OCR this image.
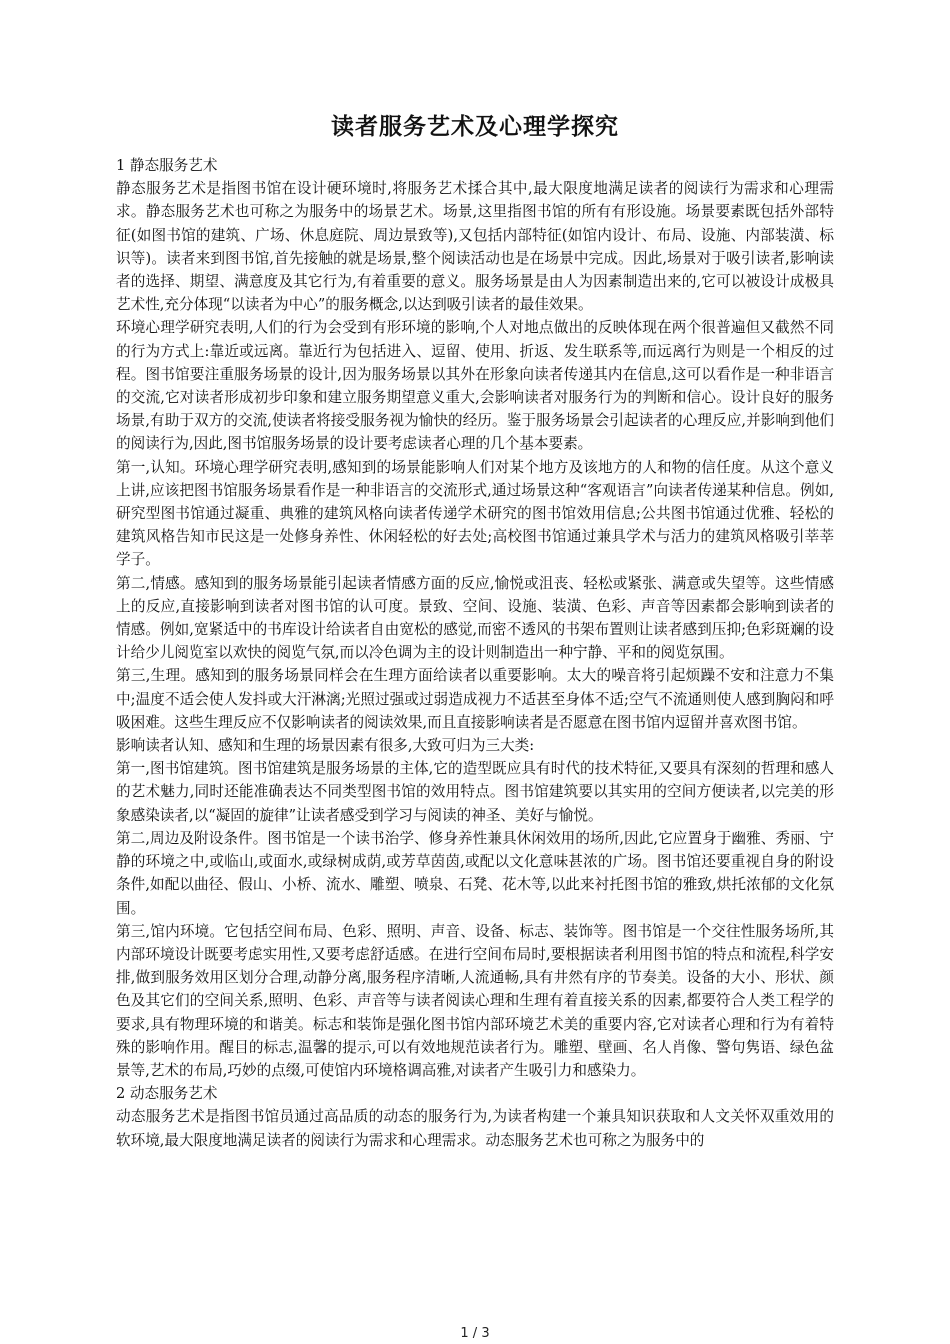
读者服务艺术及心理学探究

1 静态服务艺术

静态服务艺术是指图书馆在设计硬环境时,将服务艺术揉合其中,最大限度地满足读者的阅读行为需求和心理需求。静态服务艺术也可称之为服务中的场景艺术。场景,这里指图书馆的所有有形设施。场景要素既包括外部特征(如图书馆的建筑、广场、休息庭院、周边景致等),又包括内部特征(如馆内设计、布局、设施、内部装潢、标识等)。读者来到图书馆,首先接触的就是场景,整个阅读活动也是在场景中完成。因此,场景对于吸引读者,影响读者的选择、期望、满意度及其它行为,有着重要的意义。服务场景是由人为因素制造出来的,它可以被设计成极具艺术性,充分体现“以读者为中心”的服务概念,以达到吸引读者的最佳效果。

环境心理学研究表明,人们的行为会受到有形环境的影响,个人对地点做出的反映体现在两个很普遍但又截然不同的行为方式上:靠近或远离。靠近行为包括进入、逗留、使用、折返、发生联系等,而远离行为则是一个相反的过程。图书馆要注重服务场景的设计,因为服务场景以其外在形象向读者传递其内在信息,这可以看作是一种非语言的交流,它对读者形成初步印象和建立服务期望意义重大,会影响读者对服务行为的判断和信心。设计良好的服务场景,有助于双方的交流,使读者将接受服务视为愉快的经历。鉴于服务场景会引起读者的心理反应,并影响到他们的阅读行为,因此,图书馆服务场景的设计要考虑读者心理的几个基本要素。

第一,认知。环境心理学研究表明,感知到的场景能影响人们对某个地方及该地方的人和物的信任度。从这个意义上讲,应该把图书馆服务场景看作是一种非语言的交流形式,通过场景这种“客观语言”向读者传递某种信息。例如,研究型图书馆通过凝重、典雅的建筑风格向读者传递学术研究的图书馆效用信息;公共图书馆通过优雅、轻松的建筑风格告知市民这是一处修身养性、休闲轻松的好去处;高校图书馆通过兼具学术与活力的建筑风格吸引莘莘学子。

第二,情感。感知到的服务场景能引起读者情感方面的反应,愉悦或沮丧、轻松或紧张、满意或失望等。这些情感上的反应,直接影响到读者对图书馆的认可度。景致、空间、设施、装潢、色彩、声音等因素都会影响到读者的情感。例如,宽紧适中的书库设计给读者自由宽松的感觉,而密不透风的书架布置则让读者感到压抑;色彩斑斓的设计给少儿阅览室以欢快的阅览气氛,而以冷色调为主的设计则制造出一种宁静、平和的阅览氛围。

第三,生理。感知到的服务场景同样会在生理方面给读者以重要影响。太大的噪音将引起烦躁不安和注意力不集中;温度不适会使人发抖或大汗淋漓;光照过强或过弱造成视力不适甚至身体不适;空气不流通则使人感到胸闷和呼吸困难。这些生理反应不仅影响读者的阅读效果,而且直接影响读者是否愿意在图书馆内逗留并喜欢图书馆。

影响读者认知、感知和生理的场景因素有很多,大致可归为三大类:

第一,图书馆建筑。图书馆建筑是服务场景的主体,它的造型既应具有时代的技术特征,又要具有深刻的哲理和感人的艺术魅力,同时还能准确表达不同类型图书馆的效用特点。图书馆建筑要以其实用的空间方便读者,以完美的形象感染读者,以“凝固的旋律”让读者感受到学习与阅读的神圣、美好与愉悦。

第二,周边及附设条件。图书馆是一个读书治学、修身养性兼具休闲效用的场所,因此,它应置身于幽雅、秀丽、宁静的环境之中,或临山,或面水,或绿树成荫,或芳草茵茵,或配以文化意味甚浓的广场。图书馆还要重视自身的附设条件,如配以曲径、假山、小桥、流水、雕塑、喷泉、石凳、花木等,以此来衬托图书馆的雅致,烘托浓郁的文化氛围。

第三,馆内环境。它包括空间布局、色彩、照明、声音、设备、标志、装饰等。图书馆是一个交往性服务场所,其内部环境设计既要考虑实用性,又要考虑舒适感。在进行空间布局时,要根据读者利用图书馆的特点和流程,科学安排,做到服务效用区划分合理,动静分离,服务程序清晰,人流通畅,具有井然有序的节奏美。设备的大小、形状、颜色及其它们的空间关系,照明、色彩、声音等与读者阅读心理和生理有着直接关系的因素,都要符合人类工程学的要求,具有物理环境的和谐美。标志和装饰是强化图书馆内部环境艺术美的重要内容,它对读者心理和行为有着特殊的影响作用。醒目的标志,温馨的提示,可以有效地规范读者行为。雕塑、壁画、名人肖像、警句隽语、绿色盆景等,艺术的布局,巧妙的点缀,可使馆内环境格调高雅,对读者产生吸引力和感染力。

2 动态服务艺术

动态服务艺术是指图书馆员通过高品质的动态的服务行为,为读者构建一个兼具知识获取和人文关怀双重效用的软环境,最大限度地满足读者的阅读行为需求和心理需求。动态服务艺术也可称之为服务中的

1 / 3
